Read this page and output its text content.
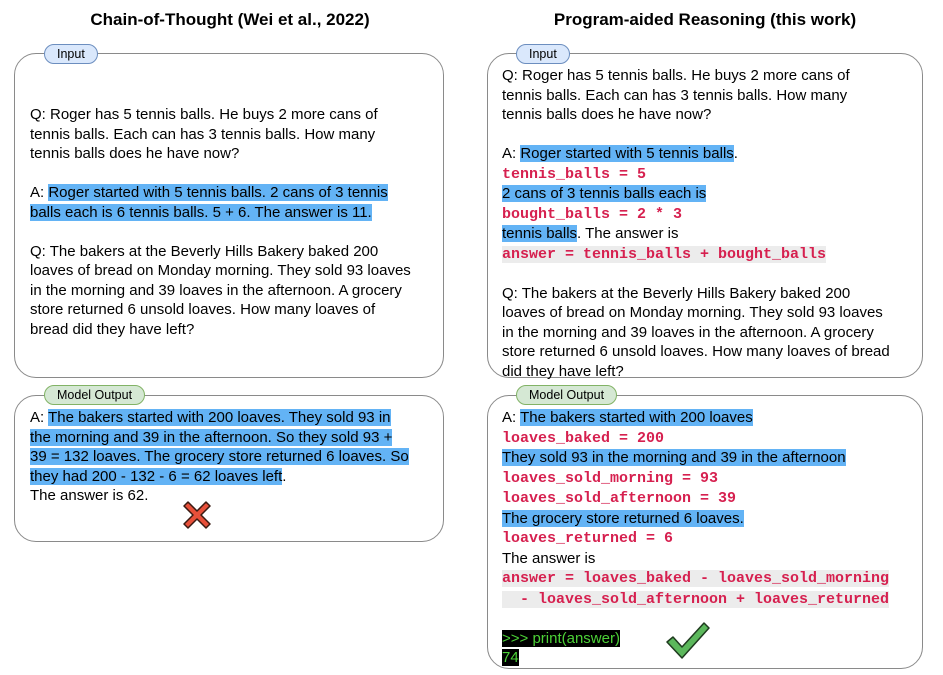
Chain-of-Thought (Wei et al., 2022)
Q: Roger has 5 tennis balls. He buys 2 more cans of
tennis balls. Each can has 3 tennis balls. How many
tennis balls does he have now?
A: Roger started with 5 tennis balls. 2 cans of 3 tennis
balls each is 6 tennis balls. 5 + 6. The answer is 11.
Q: The bakers at the Beverly Hills Bakery baked 200
loaves of bread on Monday morning. They sold 93 loaves
in the morning and 39 loaves in the afternoon. A grocery
store returned 6 unsold loaves. How many loaves of
bread did they have left?
Input
A: The bakers started with 200 loaves. They sold 93 in
the morning and 39 in the afternoon. So they sold 93 +
39 = 132 loaves. The grocery store returned 6 loaves. So
they had 200 - 132 - 6 = 62 loaves left.
The answer is 62.
Model Output
Program-aided Reasoning (this work)
Q: Roger has 5 tennis balls. He buys 2 more cans of
tennis balls. Each can has 3 tennis balls. How many
tennis balls does he have now?
A: Roger started with 5 tennis balls.
tennis_balls = 5
2 cans of 3 tennis balls each is
bought_balls = 2 * 3
tennis balls. The answer is
answer = tennis_balls + bought_balls
Q: The bakers at the Beverly Hills Bakery baked 200
loaves of bread on Monday morning. They sold 93 loaves
in the morning and 39 loaves in the afternoon. A grocery
store returned 6 unsold loaves. How many loaves of bread
did they have left?
Input
A: The bakers started with 200 loaves
loaves_baked = 200
They sold 93 in the morning and 39 in the afternoon
loaves_sold_morning = 93
loaves_sold_afternoon = 39
The grocery store returned 6 loaves.
loaves_returned = 6
The answer is
answer = loaves_baked - loaves_sold_morning
- loaves_sold_afternoon + loaves_returned
>>> print(answer)
74
Model Output
